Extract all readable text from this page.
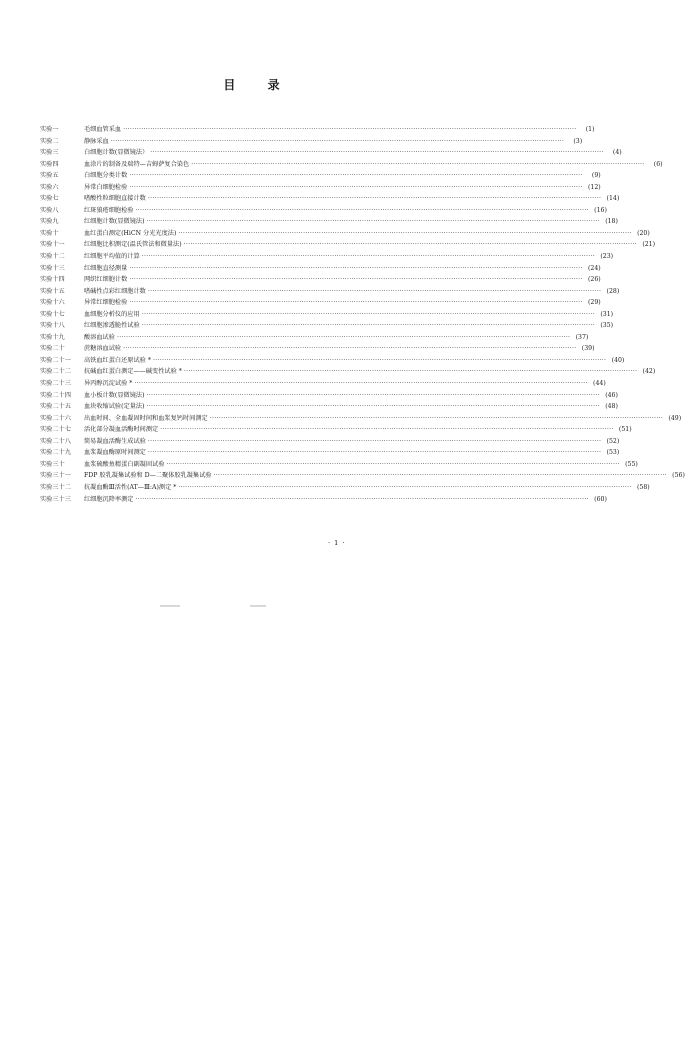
目 录
实验一	毛细血管采血 ········································································································································································································	(1)
实验二	静脉采血 ········································································································································································································	(3)
实验三	白细胞计数(显微镜法） ········································································································································································································	(4)
实验四	血涂片的制备及瑞特—吉姆萨复合染色 ········································································································································································································	(6)
实验五	白细胞分类计数 ········································································································································································································	(9)
实验六	异常白细胞检验 ········································································································································································································ (12)
实验七	嗜酸性粒细胞直接计数 ········································································································································································································ (14)
实验八	红斑狼疮细胞检验 ········································································································································································································ (16)
实验九	红细胞计数(显微镜法) ········································································································································································································ (18)
实验十	血红蛋白测定(HiCN 分光光度法) ········································································································································································································ (20)
实验十一	红细胞比积测定(温氏管法和微量法) ········································································································································································································ (21)
实验十二	红细胞平均值的计算 ········································································································································································································ (23)
实验十三	红细胞直径测量 ········································································································································································································ (24)
实验十四	网织红细胞计数 ········································································································································································································ (26)
实验十五	嗜碱性点彩红细胞计数 ········································································································································································································ (28)
实验十六	异常红细胞检验 ········································································································································································································ (29)
实验十七	血细胞分析仪的应用 ········································································································································································································ (31)
实验十八	红细胞渗透脆性试验 ········································································································································································································ (35)
实验十九	酸溶血试验 ········································································································································································································ (37)
实验二十	蔗糖溶血试验 ········································································································································································································ (39)
实验二十一	高铁血红蛋白还原试验 * ········································································································································································································ (40)
实验二十二	抗碱血红蛋白测定——碱变性试验 * ········································································································································································································ (42)
实验二十三	异丙醇沉淀试验 * ········································································································································································································ (44)
实验二十四	血小板计数(显微镜法) ········································································································································································································ (46)
实验二十五	血块收缩试验(定量法) ········································································································································································································ (48)
实验二十六	出血时间、全血凝固时间和血浆复钙时间测定 ········································································································································································································ (49)
实验二十七	活化部分凝血活酶时间测定 ········································································································································································································ (51)
实验二十八	简易凝血活酶生成试验 ········································································································································································································ (52)
实验二十九	血浆凝血酶原时间测定 ········································································································································································································ (53)
实验三十	血浆硫酸鱼精蛋白副凝固试验 ········································································································································································································ (55)
实验三十一	FDP 胶乳凝集试验和 D—二聚体胶乳凝集试验 ········································································································································································································ (56)
实验三十二	抗凝血酶Ⅲ活性(AT—Ⅲ:A)测定 * ········································································································································································································ (58)
实验三十三	红细胞沉降率测定 ········································································································································································································ (60)
· 1 ·
